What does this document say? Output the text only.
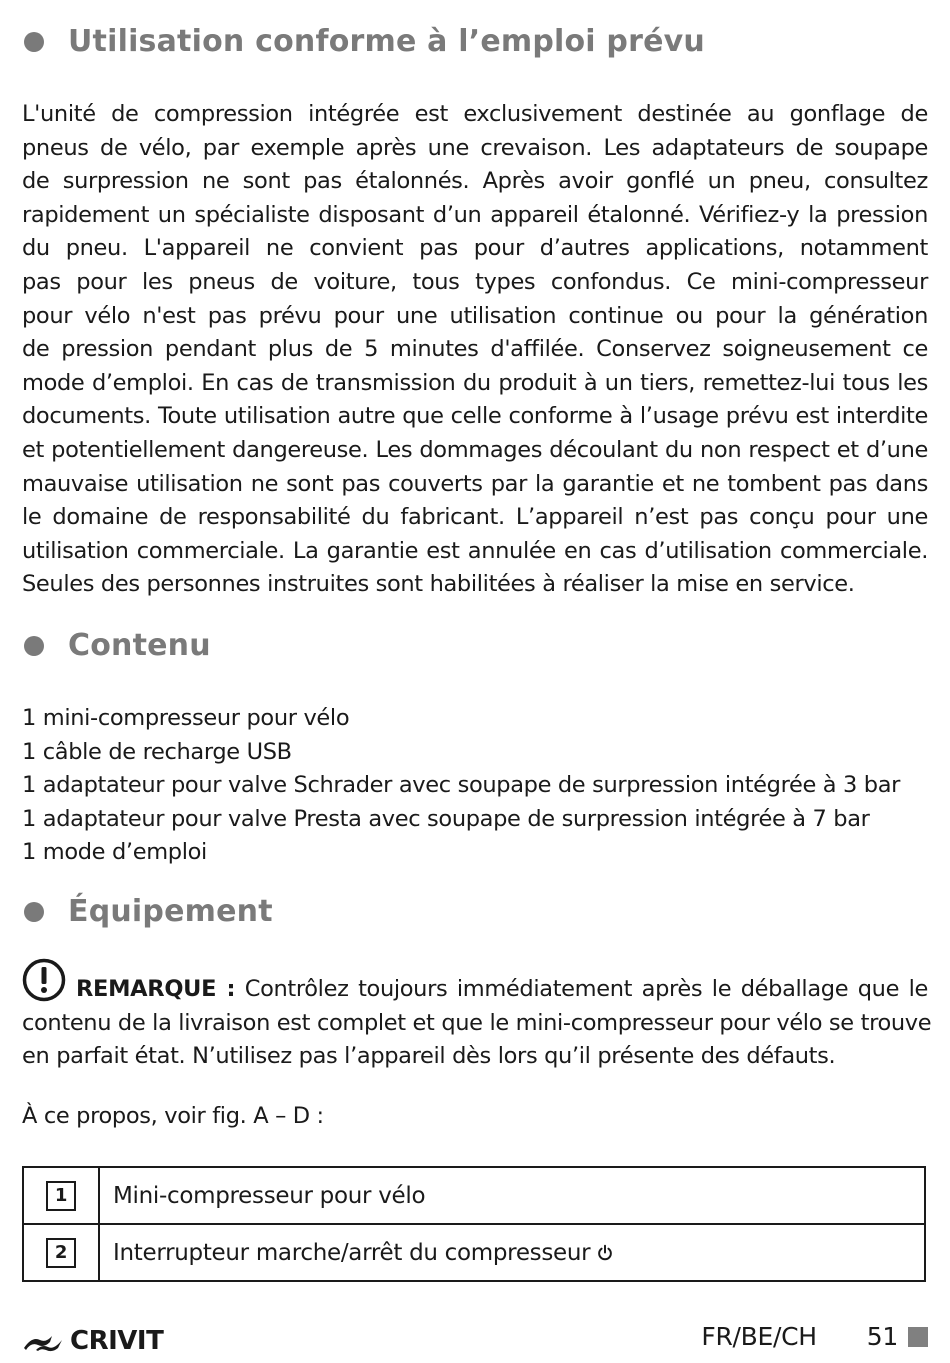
Utilisation conforme à l’emploi prévu
L'unité de compression intégrée est exclusivement destinée au gonflage de
pneus de vélo, par exemple après une crevaison. Les adaptateurs de soupape
de surpression ne sont pas étalonnés. Après avoir gonflé un pneu, consultez
rapidement un spécialiste disposant d’un appareil étalonné. Vérifiez-y la pression
du pneu. L'appareil ne convient pas pour d’autres applications, notamment
pas pour les pneus de voiture, tous types confondus. Ce mini-compresseur
pour vélo n'est pas prévu pour une utilisation continue ou pour la génération
de pression pendant plus de 5 minutes d'affilée. Conservez soigneusement ce
mode d’emploi. En cas de transmission du produit à un tiers, remettez-lui tous les
documents. Toute utilisation autre que celle conforme à l’usage prévu est interdite
et potentiellement dangereuse. Les dommages découlant du non respect et d’une
mauvaise utilisation ne sont pas couverts par la garantie et ne tombent pas dans
le domaine de responsabilité du fabricant. L’appareil n’est pas conçu pour une
utilisation commerciale. La garantie est annulée en cas d’utilisation commerciale.
Seules des personnes instruites sont habilitées à réaliser la mise en service.
Contenu
1 mini-compresseur pour vélo
1 câble de recharge USB
1 adaptateur pour valve Schrader avec soupape de surpression intégrée à 3 bar
1 adaptateur pour valve Presta avec soupape de surpression intégrée à 7 bar
1 mode d’emploi
Équipement
REMARQUE : Contrôlez toujours immédiatement après le déballage que le
contenu de la livraison est complet et que le mini-compresseur pour vélo se trouve
en parfait état. N’utilisez pas l’appareil dès lors qu’il présente des défauts.
À ce propos, voir fig. A – D :
1	Mini-compresseur pour vélo
2	Interrupteur marche/arrêt du compresseur
CRIVIT	FR/BE/CH 51
